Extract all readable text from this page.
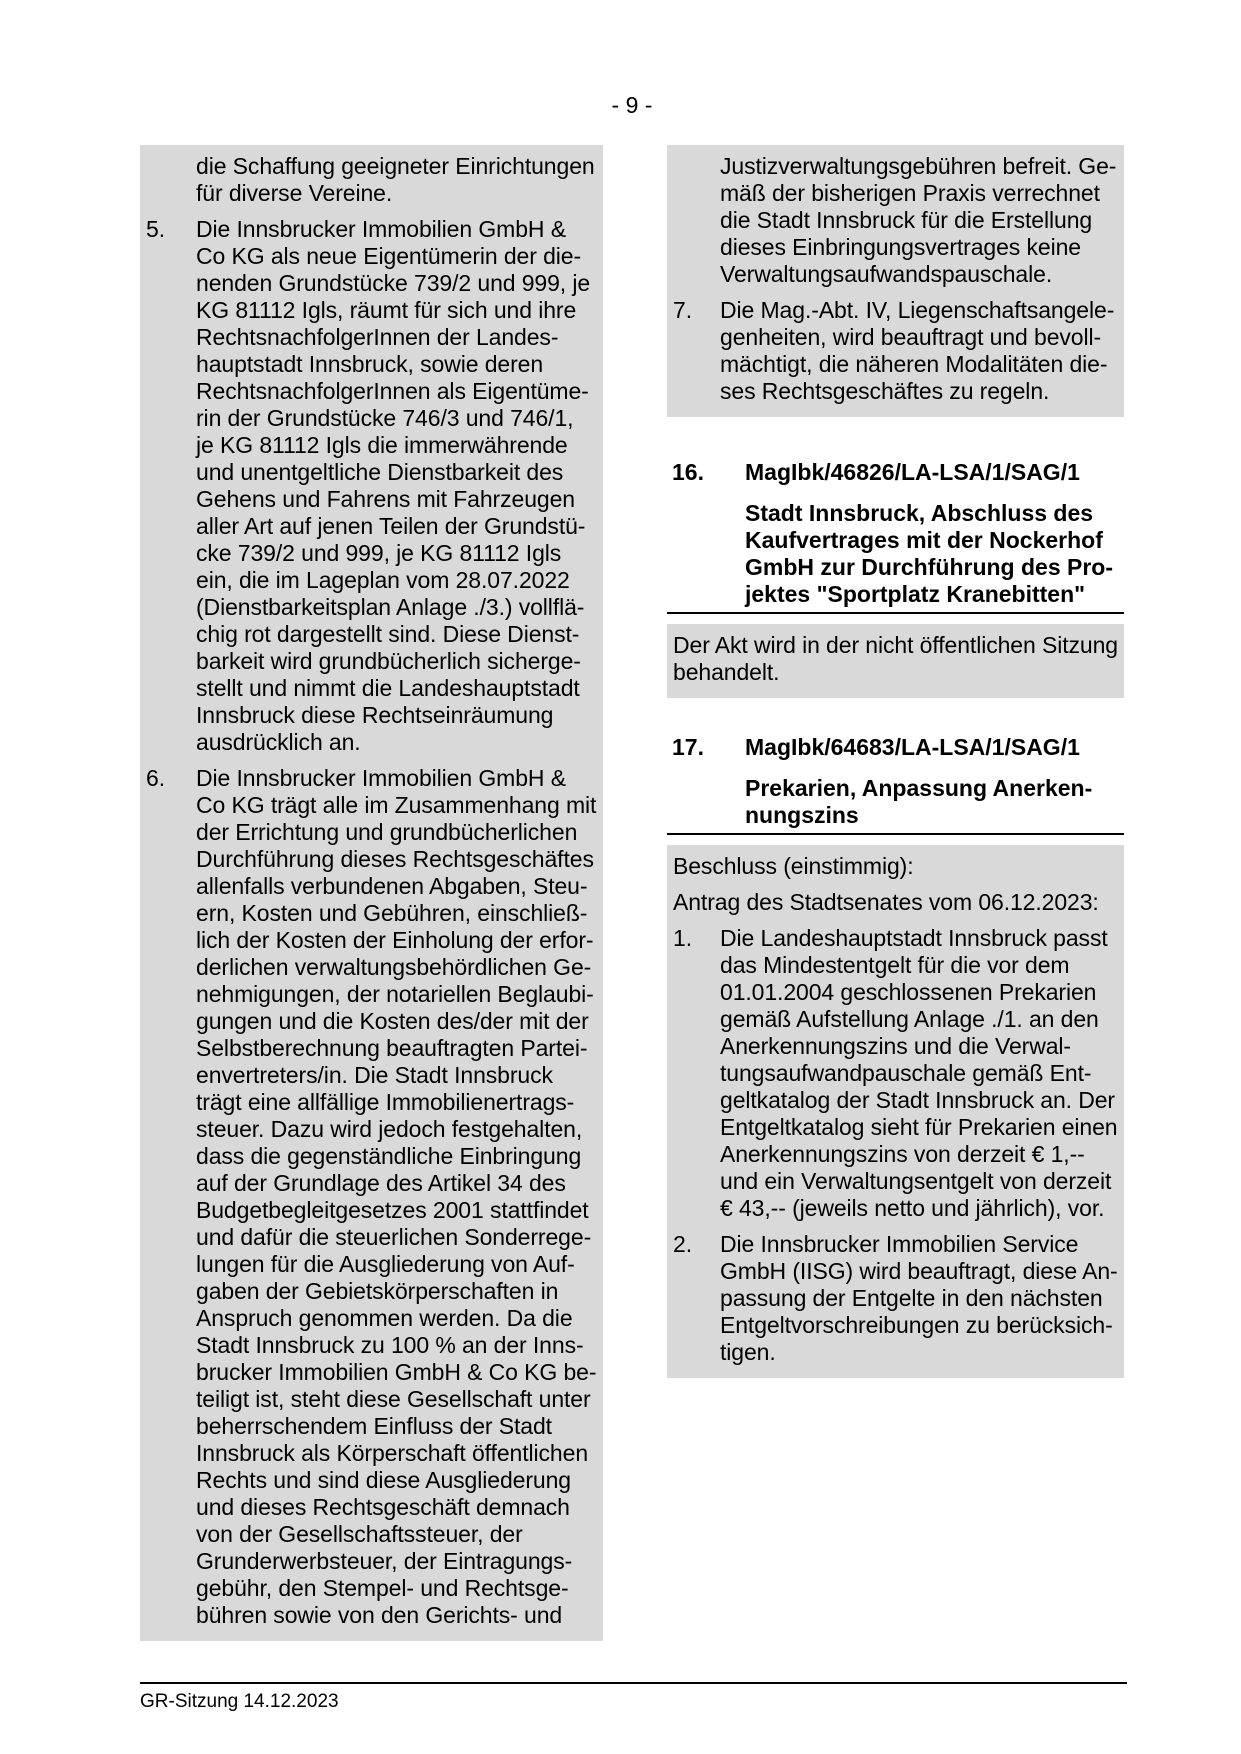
- 9 -
die Schaffung geeigneter Einrichtungen
für diverse Vereine.
5. Die Innsbrucker Immobilien GmbH &
Co KG als neue Eigentümerin der die-
nenden Grundstücke 739/2 und 999, je
KG 81112 Igls, räumt für sich und ihre
RechtsnachfolgerInnen der Landes-
hauptstadt Innsbruck, sowie deren
RechtsnachfolgerInnen als Eigentüme-
rin der Grundstücke 746/3 und 746/1,
je KG 81112 Igls die immerwährende
und unentgeltliche Dienstbarkeit des
Gehens und Fahrens mit Fahrzeugen
aller Art auf jenen Teilen der Grundstü-
cke 739/2 und 999, je KG 81112 Igls
ein, die im Lageplan vom 28.07.2022
(Dienstbarkeitsplan Anlage ./3.) vollflä-
chig rot dargestellt sind. Diese Dienst-
barkeit wird grundbücherlich sicherge-
stellt und nimmt die Landeshauptstadt
Innsbruck diese Rechtseinräumung
ausdrücklich an.
6. Die Innsbrucker Immobilien GmbH &
Co KG trägt alle im Zusammenhang mit
der Errichtung und grundbücherlichen
Durchführung dieses Rechtsgeschäftes
allenfalls verbundenen Abgaben, Steu-
ern, Kosten und Gebühren, einschließ-
lich der Kosten der Einholung der erfor-
derlichen verwaltungsbehördlichen Ge-
nehmigungen, der notariellen Beglaubi-
gungen und die Kosten des/der mit der
Selbstberechnung beauftragten Partei-
envertreters/in. Die Stadt Innsbruck
trägt eine allfällige Immobilienertrags-
steuer. Dazu wird jedoch festgehalten,
dass die gegenständliche Einbringung
auf der Grundlage des Artikel 34 des
Budgetbegleitgesetzes 2001 stattfindet
und dafür die steuerlichen Sonderrege-
lungen für die Ausgliederung von Auf-
gaben der Gebietskörperschaften in
Anspruch genommen werden. Da die
Stadt Innsbruck zu 100 % an der Inns-
brucker Immobilien GmbH & Co KG be-
teiligt ist, steht diese Gesellschaft unter
beherrschendem Einfluss der Stadt
Innsbruck als Körperschaft öffentlichen
Rechts und sind diese Ausgliederung
und dieses Rechtsgeschäft demnach
von der Gesellschaftssteuer, der
Grunderwerbsteuer, der Eintragungs-
gebühr, den Stempel- und Rechtsge-
bühren sowie von den Gerichts- und
Justizverwaltungsgebühren befreit. Ge-
mäß der bisherigen Praxis verrechnet
die Stadt Innsbruck für die Erstellung
dieses Einbringungsvertrages keine
Verwaltungsaufwandspauschale.
7. Die Mag.-Abt. IV, Liegenschaftsangele-
genheiten, wird beauftragt und bevoll-
mächtigt, die näheren Modalitäten die-
ses Rechtsgeschäftes zu regeln.
16. MagIbk/46826/LA-LSA/1/SAG/1
Stadt Innsbruck, Abschluss des
Kaufvertrages mit der Nockerhof
GmbH zur Durchführung des Pro-
jektes "Sportplatz Kranebitten"
Der Akt wird in der nicht öffentlichen Sitzung
behandelt.
17. MagIbk/64683/LA-LSA/1/SAG/1
Prekarien, Anpassung Anerken-
nungszins
Beschluss (einstimmig):
Antrag des Stadtsenates vom 06.12.2023:
1. Die Landeshauptstadt Innsbruck passt
das Mindestentgelt für die vor dem
01.01.2004 geschlossenen Prekarien
gemäß Aufstellung Anlage ./1. an den
Anerkennungszins und die Verwal-
tungsaufwandpauschale gemäß Ent-
geltkatalog der Stadt Innsbruck an. Der
Entgeltkatalog sieht für Prekarien einen
Anerkennungszins von derzeit € 1,--
und ein Verwaltungsentgelt von derzeit
€ 43,-- (jeweils netto und jährlich), vor.
2. Die Innsbrucker Immobilien Service
GmbH (IISG) wird beauftragt, diese An-
passung der Entgelte in den nächsten
Entgeltvorschreibungen zu berücksich-
tigen.
GR-Sitzung 14.12.2023
